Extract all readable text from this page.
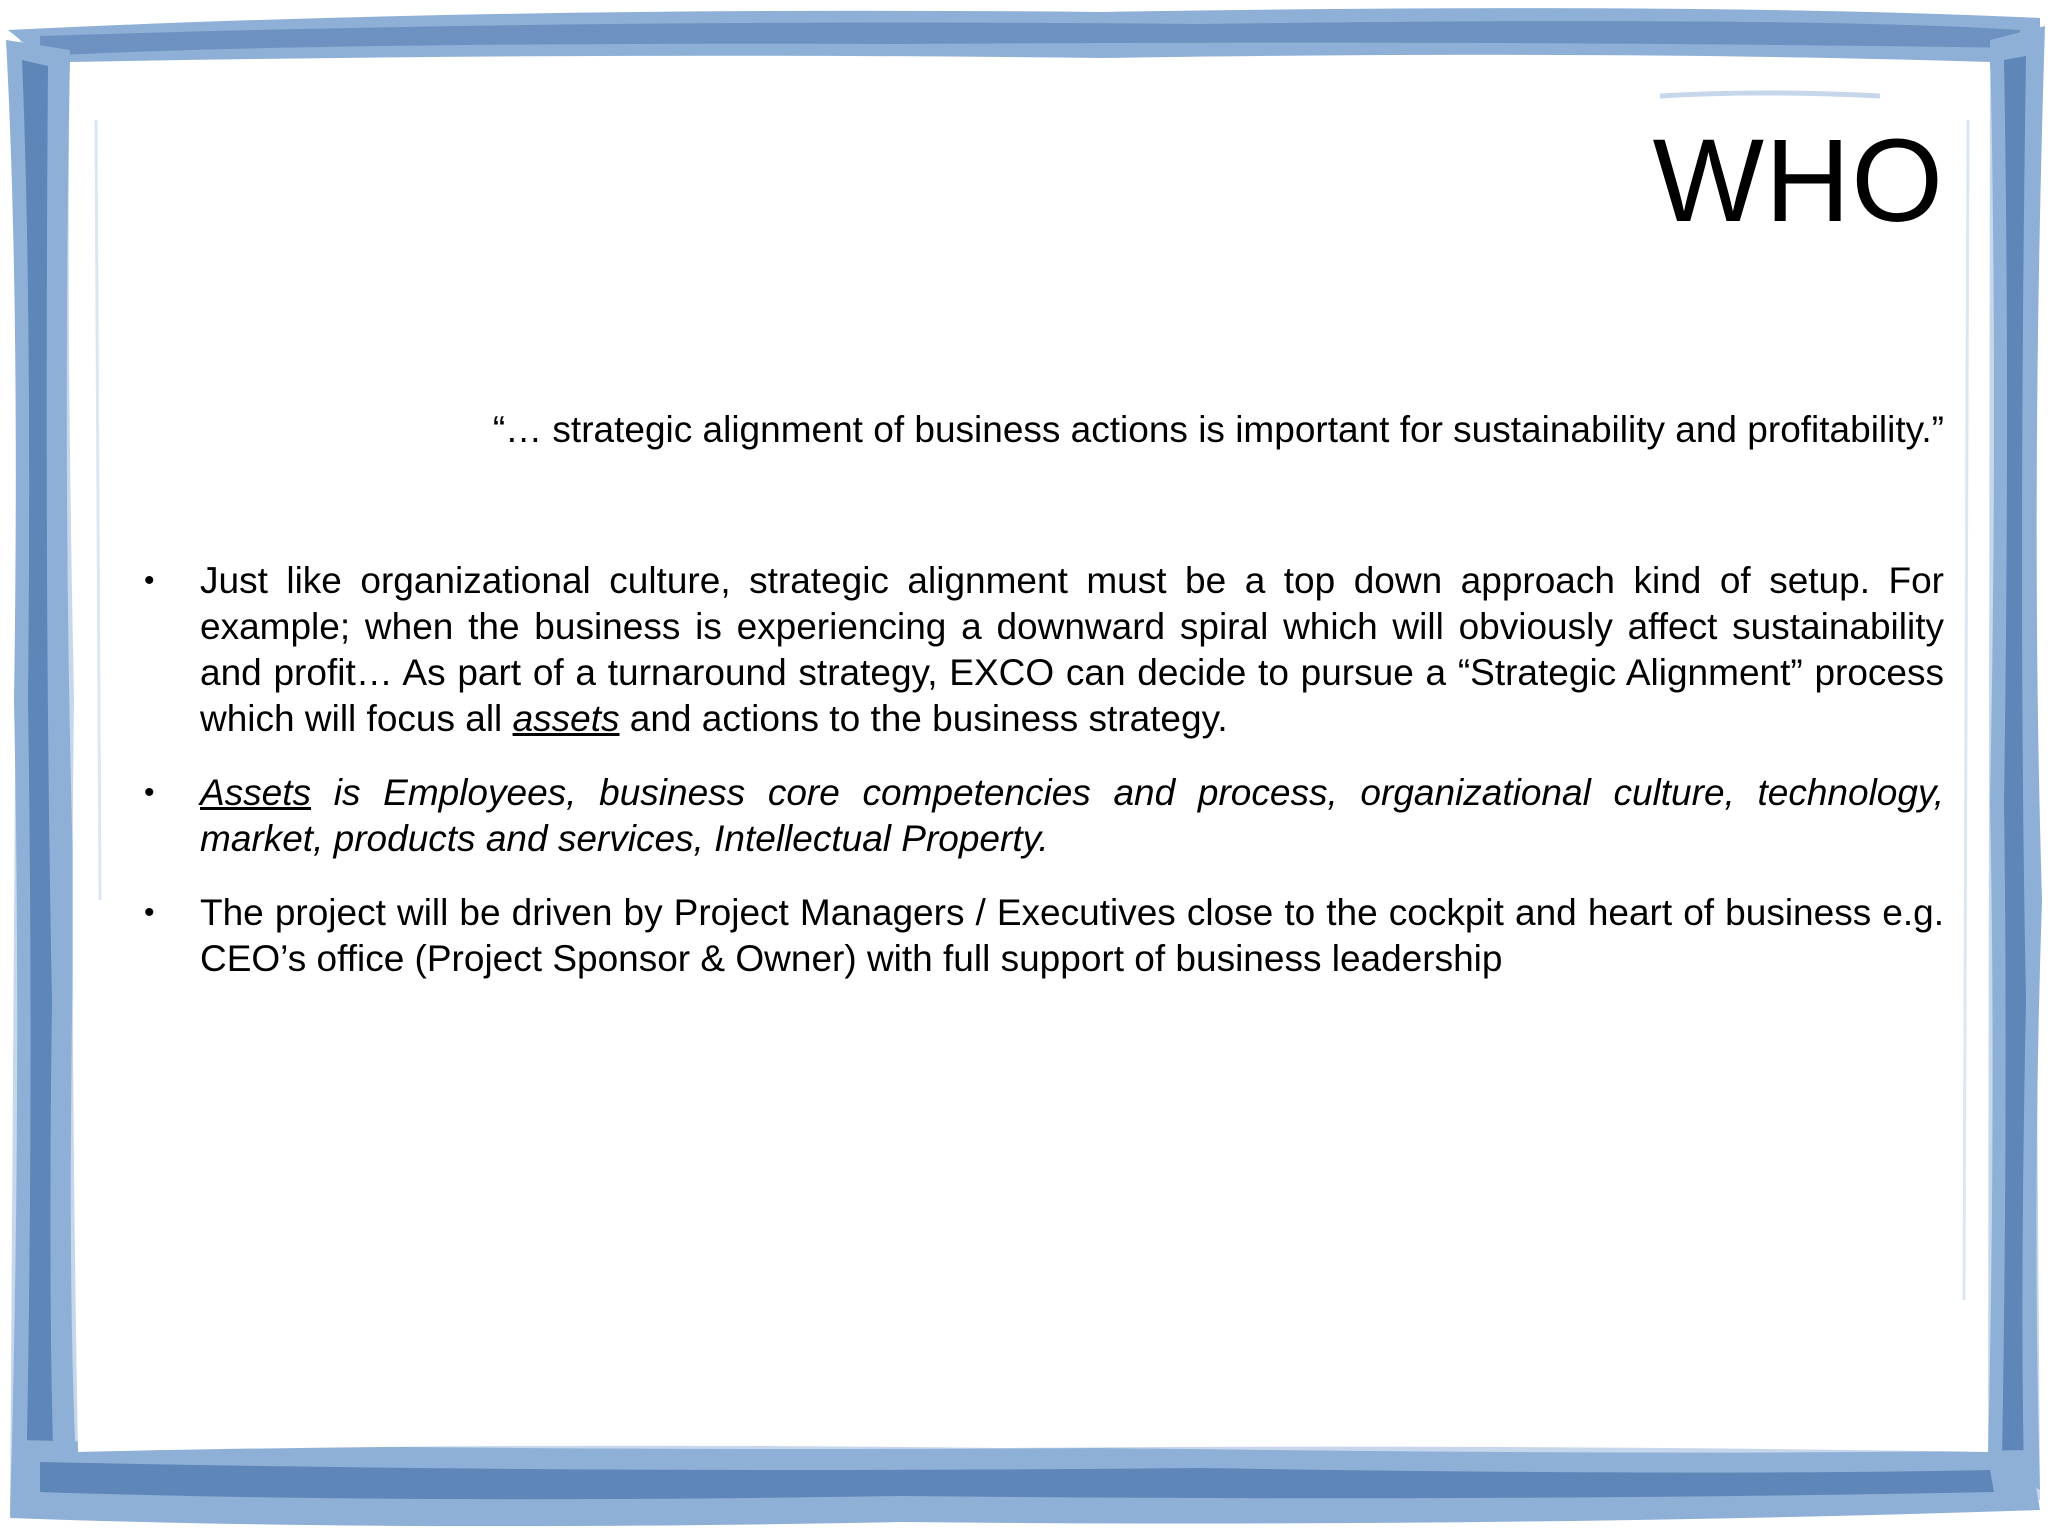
WHO
“… strategic alignment of business actions is important for sustainability and profitability.”
• Just like organizational culture, strategic alignment must be a top down approach kind of setup. For example; when the business is experiencing a downward spiral which will obviously affect sustainability and profit… As part of a turnaround strategy, EXCO can decide to pursue a “Strategic Alignment” process which will focus all assets and actions to the business strategy.
• Assets is Employees, business core competencies and process, organizational culture, technology, market, products and services, Intellectual Property.
• The project will be driven by Project Managers / Executives close to the cockpit and heart of business e.g. CEO’s office (Project Sponsor & Owner) with full support of business leadership
